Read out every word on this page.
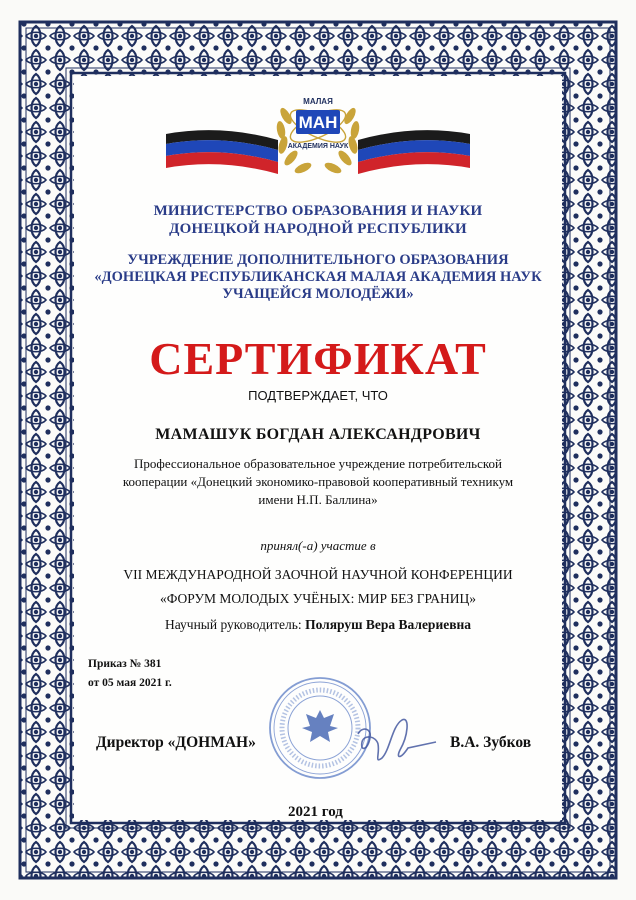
МАН
МАЛАЯ
АКАДЕМИЯ НАУК
МИНИСТЕРСТВО ОБРАЗОВАНИЯ И НАУКИ
ДОНЕЦКОЙ НАРОДНОЙ РЕСПУБЛИКИ
УЧРЕЖДЕНИЕ ДОПОЛНИТЕЛЬНОГО ОБРАЗОВАНИЯ
«ДОНЕЦКАЯ РЕСПУБЛИКАНСКАЯ МАЛАЯ АКАДЕМИЯ НАУК
УЧАЩЕЙСЯ МОЛОДЁЖИ»
СЕРТИФИКАТ
ПОДТВЕРЖДАЕТ, ЧТО
МАМАШУК БОГДАН АЛЕКСАНДРОВИЧ
Профессиональное образовательное учреждение потребительской
кооперации «Донецкий экономико-правовой кооперативный техникум
имени Н.П. Баллина»
принял(-а) участие в
VII МЕЖДУНАРОДНОЙ ЗАОЧНОЙ НАУЧНОЙ КОНФЕРЕНЦИИ
«ФОРУМ МОЛОДЫХ УЧЁНЫХ: МИР БЕЗ ГРАНИЦ»
Научный руководитель: Поляруш Вера Валериевна
Приказ № 381
от 05 мая 2021 г.
Директор «ДОНМАН»	В.А. Зубков
2021 год
